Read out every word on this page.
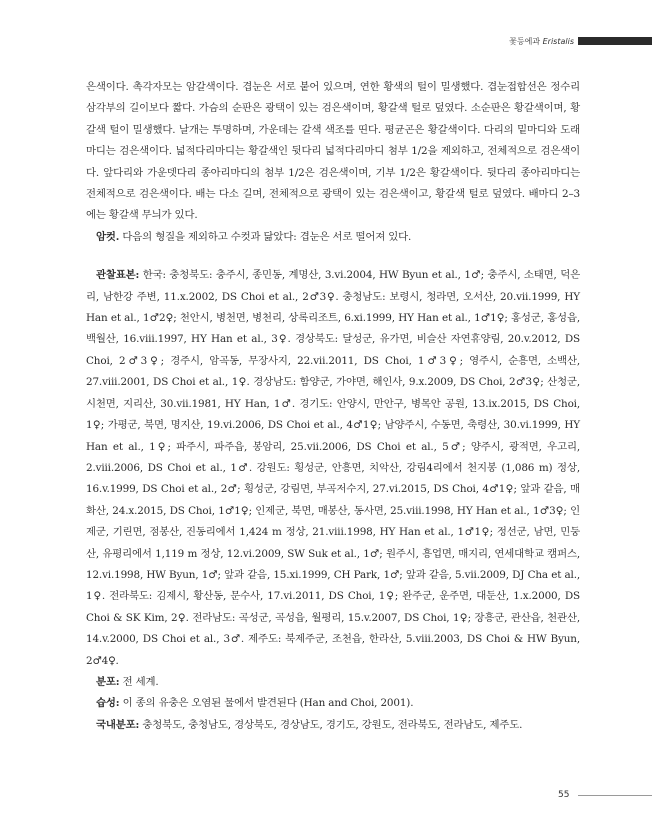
꽃등에과 Eristalis

은색이다. 촉각자모는 암갈색이다. 겹눈은 서로 붙어 있으며, 연한 황색의 털이 밀생했다. 겹눈접합선은 정수리삼각부의 길이보다 짧다. 가슴의 순판은 광택이 있는 검은색이며, 황갈색 털로 덮였다. 소순판은 황갈색이며, 황갈색 털이 밀생했다. 날개는 투명하며, 가운데는 갈색 색조를 띤다. 평균곤은 황갈색이다. 다리의 밑마디와 도래마디는 검은색이다. 넓적다리마디는 황갈색인 뒷다리 넓적다리마디 첨부 1/2을 제외하고, 전체적으로 검은색이다. 앞다리와 가운뎃다리 종아리마디의 첨부 1/2은 검은색이며, 기부 1/2은 황갈색이다. 뒷다리 종아리마디는 전체적으로 검은색이다. 배는 다소 길며, 전체적으로 광택이 있는 검은색이고, 황갈색 털로 덮였다. 배마디 2–3에는 황갈색 무늬가 있다.

암컷. 다음의 형질을 제외하고 수컷과 닮았다: 겹눈은 서로 떨어져 있다.

관찰표본: 한국: 충청북도: 충주시, 종민동, 계명산, 3.vi.2004, HW Byun et al., 1♂; 충주시, 소태면, 덕은리, 남한강 주변, 11.x.2002, DS Choi et al., 2♂3♀. 충청남도: 보령시, 청라면, 오서산, 20.vii.1999, HY Han et al., 1♂2♀; 천안시, 병천면, 병천리, 상록리조트, 6.xi.1999, HY Han et al., 1♂1♀; 홍성군, 홍성읍, 백월산, 16.viii.1997, HY Han et al., 3♀. 경상북도: 달성군, 유가면, 비슬산 자연휴양림, 20.v.2012, DS Choi, 2♂3♀; 경주시, 암곡동, 무장사지, 22.vii.2011, DS Choi, 1♂3♀; 영주시, 순흥면, 소백산, 27.viii.2001, DS Choi et al., 1♀. 경상남도: 함양군, 가야면, 해인사, 9.x.2009, DS Choi, 2♂3♀; 산청군, 시천면, 지리산, 30.vii.1981, HY Han, 1♂. 경기도: 안양시, 만안구, 병목안 공원, 13.ix.2015, DS Choi, 1♀; 가평군, 북면, 명지산, 19.vi.2006, DS Choi et al., 4♂1♀; 남양주시, 수동면, 축령산, 30.vi.1999, HY Han et al., 1♀; 파주시, 파주읍, 봉암리, 25.vii.2006, DS Choi et al., 5♂; 양주시, 광적면, 우고리, 2.viii.2006, DS Choi et al., 1♂. 강원도: 횡성군, 안흥면, 치악산, 강림4리에서 천지봉 (1,086 m) 정상, 16.v.1999, DS Choi et al., 2♂; 횡성군, 강림면, 부곡저수지, 27.vi.2015, DS Choi, 4♂1♀; 앞과 같음, 매화산, 24.x.2015, DS Choi, 1♂1♀; 인제군, 북면, 매봉산, 동사면, 25.viii.1998, HY Han et al., 1♂3♀; 인제군, 기린면, 점봉산, 진동리에서 1,424 m 정상, 21.viii.1998, HY Han et al., 1♂1♀; 정선군, 남면, 민둥산, 유평리에서 1,119 m 정상, 12.vi.2009, SW Suk et al., 1♂; 원주시, 흥업면, 매지리, 연세대학교 캠퍼스, 12.vi.1998, HW Byun, 1♂; 앞과 같음, 15.xi.1999, CH Park, 1♂; 앞과 같음, 5.vii.2009, DJ Cha et al., 1♀. 전라북도: 김제시, 황산동, 문수사, 17.vi.2011, DS Choi, 1♀; 완주군, 운주면, 대둔산, 1.x.2000, DS Choi & SK Kim, 2♀. 전라남도: 곡성군, 곡성읍, 월평리, 15.v.2007, DS Choi, 1♀; 장흥군, 관산읍, 천관산, 14.v.2000, DS Choi et al., 3♂. 제주도: 북제주군, 조천읍, 한라산, 5.viii.2003, DS Choi & HW Byun, 2♂4♀.

분포: 전 세계.

습성: 이 종의 유충은 오염된 물에서 발견된다 (Han and Choi, 2001).

국내분포: 충청북도, 충청남도, 경상북도, 경상남도, 경기도, 강원도, 전라북도, 전라남도, 제주도.

55
